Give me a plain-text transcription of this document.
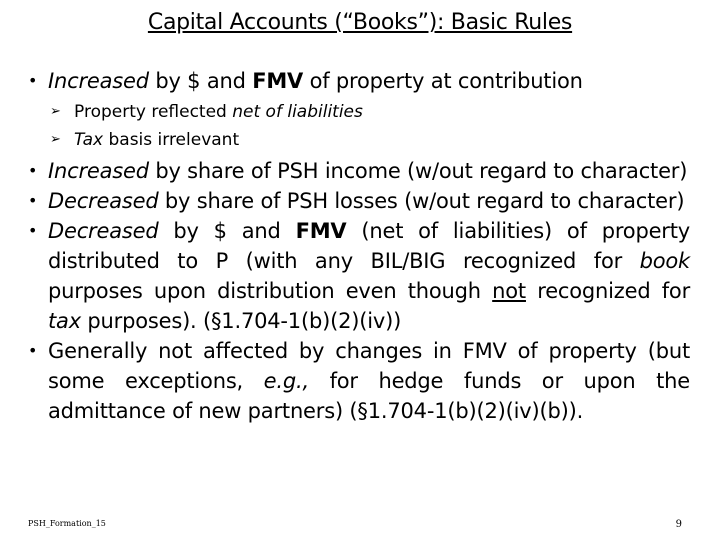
Capital Accounts (“Books”): Basic Rules
• Increased by $ and FMV of property at contribution
➢ Property reflected net of liabilities
➢ Tax basis irrelevant
• Increased by share of PSH income (w/out regard to character)
• Decreased by share of PSH losses (w/out regard to character)
• Decreased by $ and FMV (net of liabilities) of property distributed to P (with any BIL/BIG recognized for book purposes upon distribution even though not recognized for tax purposes). (§1.704-1(b)(2)(iv))
• Generally not affected by changes in FMV of property (but some exceptions, e.g., for hedge funds or upon the admittance of new partners) (§1.704-1(b)(2)(iv)(b)).
PSH_Formation_15	9
